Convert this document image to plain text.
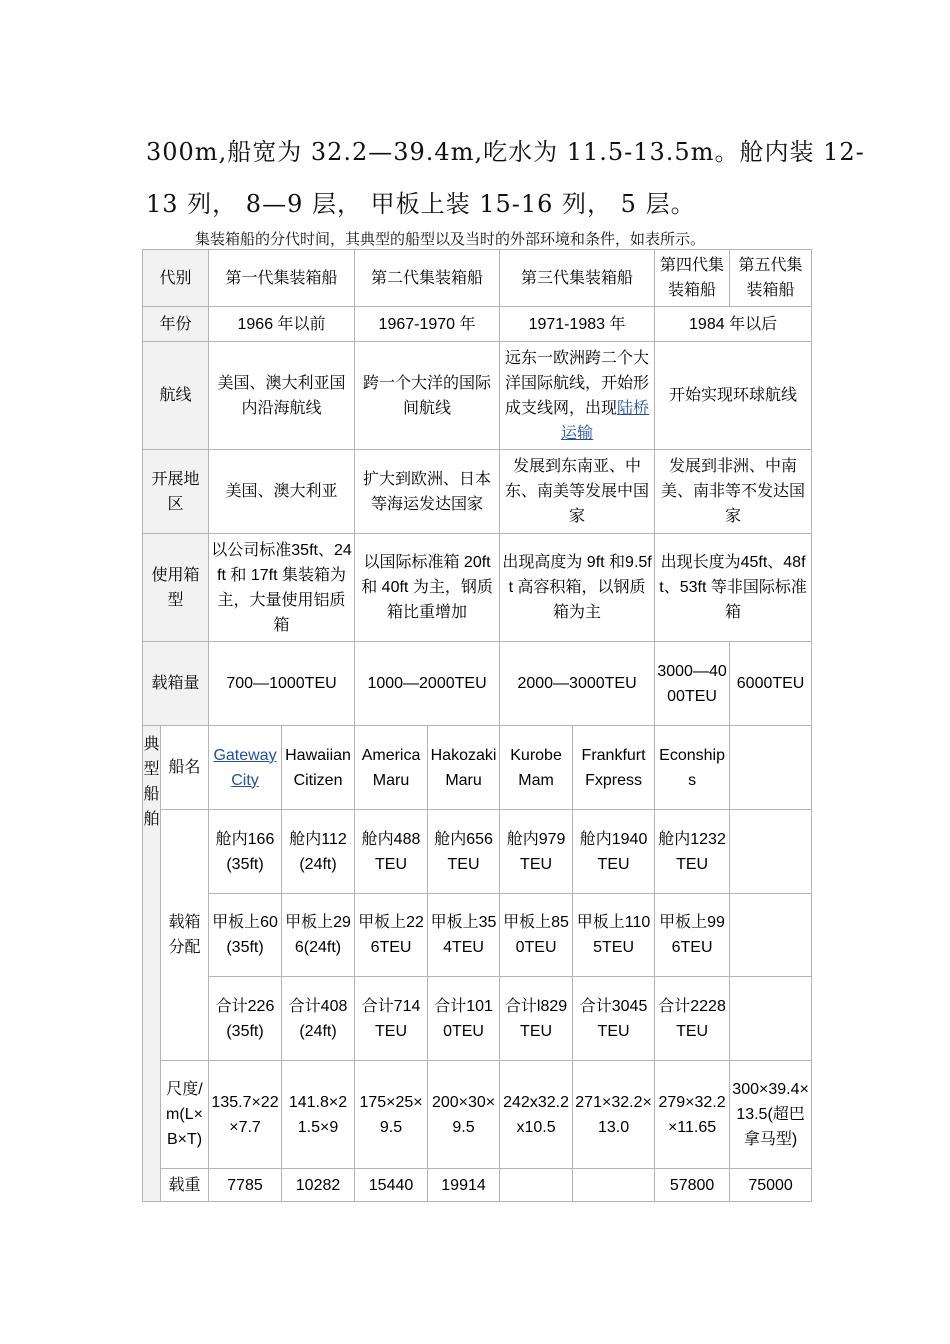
300m,船宽为 32.2—39.4m,吃水为 11.5-13.5m。舱内装 12-
13 列， 8—9 层， 甲板上装 15-16 列， 5 层。
集装箱船的分代时间，其典型的船型以及当时的外部环境和条件，如表所示。
代别		第一代集装箱船		第二代集装箱船		第三代集装箱船		第四代集装箱船	第五代集装箱船
年份		1966 年以前		1967-1970 年		1971-1983 年		1984 年以后	
航线		美国、澳大利亚国内沿海航线		跨一个大洋的国际间航线		远东一欧洲跨二个大洋国际航线，开始形成支线网，出现陆桥运输		开始实现环球航线	
开展地区		美国、澳大利亚		扩大到欧洲、日本等海运发达国家		发展到东南亚、中东、南美等发展中国家		发展到非洲、中南美、南非等不发达国家	
使用箱型		以公司标准35ft、24ft 和 17ft 集装箱为主，大量使用铝质箱		以国际标准箱 20ft和 40ft 为主，钢质箱比重增加		出现高度为 9ft 和9.5ft 高容积箱，以钢质箱为主		出现长度为45ft、48ft、53ft 等非国际标准箱	
载箱量		700—1000TEU		1000—2000TEU		2000—3000TEU		3000—4000TEU	6000TEU
典型船舶	船名	Gateway City	Hawaiian Citizen	America Maru	Hakozaki Maru	Kurobe Mam	Frankfurt Fxpress	Econships	
	载箱分配	舱内166(35ft)	舱内112(24ft)	舱内488TEU	舱内656TEU	舱内979TEU	舱内1940TEU	舱内1232TEU	
		甲板上60(35ft)	甲板上296(24ft)	甲板上226TEU	甲板上354TEU	甲板上850TEU	甲板上1105TEU	甲板上996TEU	
		合计226(35ft)	合计408(24ft)	合计714TEU	合计1010TEU	合计l829TEU	合计3045TEU	合计2228TEU	
	尺度/m(L×B×T)	135.7×22×7.7	141.8×21.5×9	175×25×9.5	200×30×9.5	242x32.2x10.5	271×32.2×13.0	279×32.2×11.65	300×39.4×13.5(超巴拿马型)
	载重	7785	10282	15440	19914			57800	75000
